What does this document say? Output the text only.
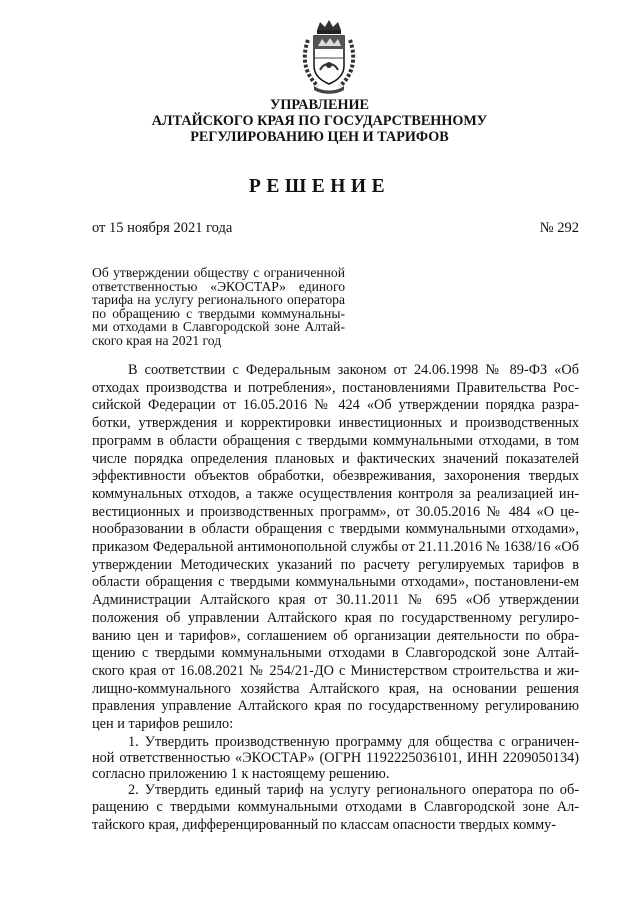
УПРАВЛЕНИЕ
АЛТАЙСКОГО КРАЯ ПО ГОСУДАРСТВЕННОМУ
РЕГУЛИРОВАНИЮ ЦЕН И ТАРИФОВ
РЕШЕНИЕ
от 15 ноября 2021 года	№ 292
Об утверждении обществу с ограниченной ответственностью «ЭКОСТАР» единого тарифа на услугу регионального оператора по обращению с твердыми коммунальны-ми отходами в Славгородской зоне Алтай-ского края на 2021 год

В соответствии с Федеральным законом от 24.06.1998 № 89-ФЗ «Об отходах производства и потребления», постановлениями Правительства Рос-сийской Федерации от 16.05.2016 № 424 «Об утверждении порядка разра-ботки, утверждения и корректировки инвестиционных и производственных программ в области обращения с твердыми коммунальными отходами, в том числе порядка определения плановых и фактических значений показателей эффективности объектов обработки, обезвреживания, захоронения твердых коммунальных отходов, а также осуществления контроля за реализацией ин-вестиционных и производственных программ», от 30.05.2016 № 484 «О це-нообразовании в области обращения с твердыми коммунальными отходами», приказом Федеральной антимонопольной службы от 21.11.2016 № 1638/16 «Об утверждении Методических указаний по расчету регулируемых тарифов в области обращения с твердыми коммунальными отходами», постановлени-ем Администрации Алтайского края от 30.11.2011 № 695 «Об утверждении положения об управлении Алтайского края по государственному регулиро-ванию цен и тарифов», соглашением об организации деятельности по обра-щению с твердыми коммунальными отходами в Славгородской зоне Алтай-ского края от 16.08.2021 № 254/21-ДО с Министерством строительства и жи-лищно-коммунального хозяйства Алтайского края, на основании решения правления управление Алтайского края по государственному регулированию цен и тарифов решило:

1. Утвердить производственную программу для общества с ограничен-ной ответственностью «ЭКОСТАР» (ОГРН 1192225036101, ИНН 2209050134) согласно приложению 1 к настоящему решению.

2. Утвердить единый тариф на услугу регионального оператора по об-ращению с твердыми коммунальными отходами в Славгородской зоне Ал-тайского края, дифференцированный по классам опасности твердых комму-
